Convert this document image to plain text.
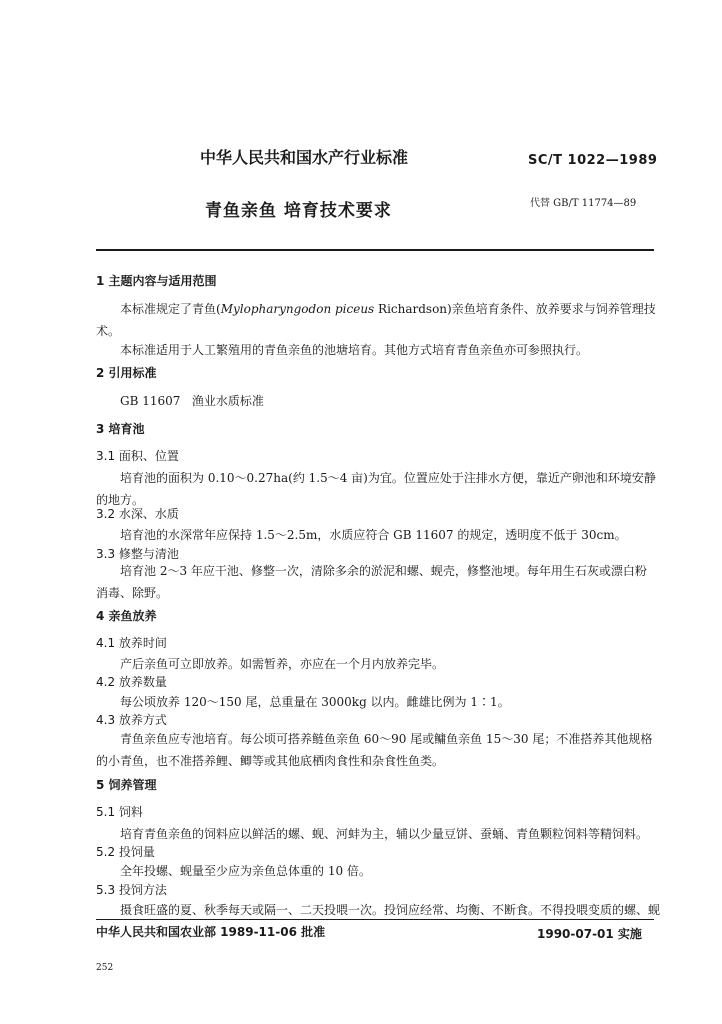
中华人民共和国水产行业标准	SC/T 1022—1989
青鱼亲鱼 培育技术要求	代替 GB/T 11774—89
1 主题内容与适用范围
本标准规定了青鱼(Mylopharyngodon piceus Richardson)亲鱼培育条件、放养要求与饲养管理技术。
本标准适用于人工繁殖用的青鱼亲鱼的池塘培育。其他方式培育青鱼亲鱼亦可参照执行。
2 引用标准
GB 11607   渔业水质标准
3 培育池
3.1 面积、位置
培育池的面积为 0.10～0.27ha(约 1.5～4 亩)为宜。位置应处于注排水方便，靠近产卵池和环境安静的地方。
3.2 水深、水质
培育池的水深常年应保持 1.5～2.5m，水质应符合 GB 11607 的规定，透明度不低于 30cm。
3.3 修整与清池
培育池 2～3 年应干池、修整一次，清除多余的淤泥和螺、蚬壳，修整池埂。每年用生石灰或漂白粉消毒、除野。
4 亲鱼放养
4.1 放养时间
产后亲鱼可立即放养。如需暂养，亦应在一个月内放养完毕。
4.2 放养数量
每公顷放养 120～150 尾，总重量在 3000kg 以内。雌雄比例为 1∶1。
4.3 放养方式
青鱼亲鱼应专池培育。每公顷可搭养鲢鱼亲鱼 60～90 尾或鳙鱼亲鱼 15～30 尾；不准搭养其他规格的小青鱼，也不准搭养鲤、鲫等或其他底栖肉食性和杂食性鱼类。
5 饲养管理
5.1 饲料
培育青鱼亲鱼的饲料应以鲜活的螺、蚬、河蚌为主，辅以少量豆饼、蚕蛹、青鱼颗粒饲料等精饲料。
5.2 投饲量
全年投螺、蚬量至少应为亲鱼总体重的 10 倍。
5.3 投饲方法
摄食旺盛的夏、秋季每天或隔一、二天投喂一次。投饲应经常、均衡、不断食。不得投喂变质的螺、蚬
中华人民共和国农业部 1989-11-06 批准	1990-07-01 实施
252
